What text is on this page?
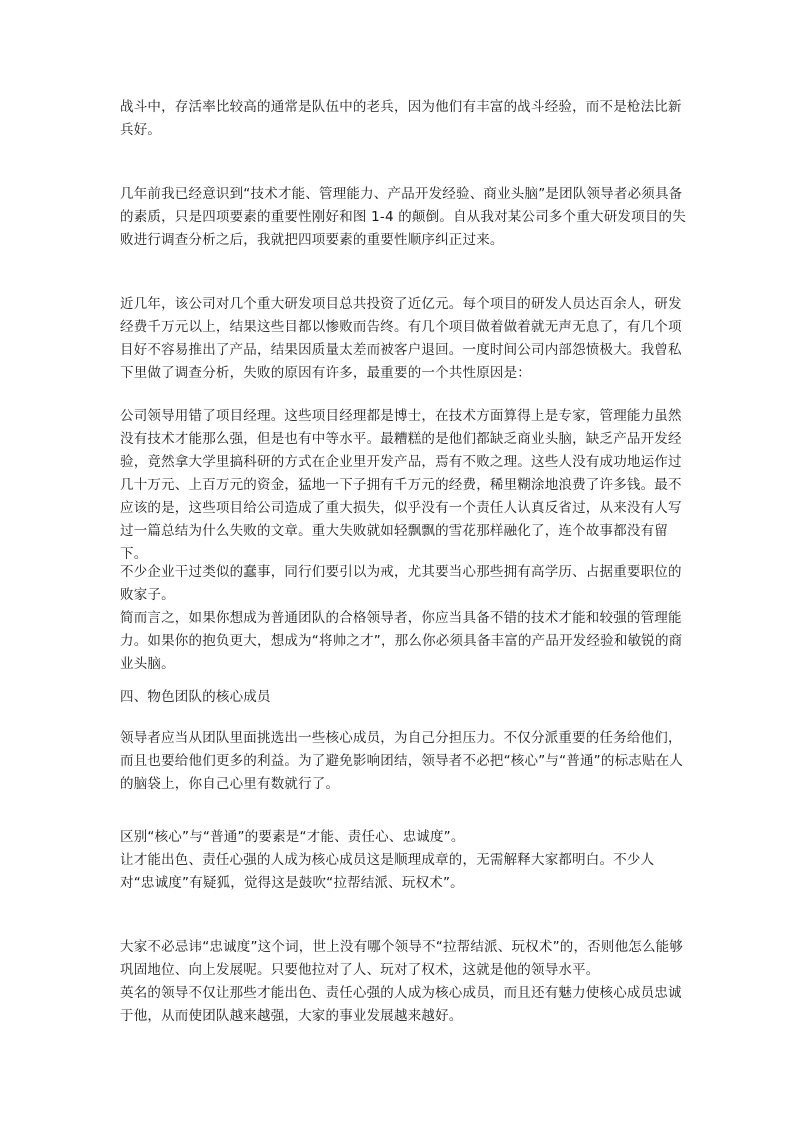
战斗中，存活率比较高的通常是队伍中的老兵，因为他们有丰富的战斗经验，而不是枪法比新兵好。

几年前我已经意识到“技术才能、管理能力、产品开发经验、商业头脑”是团队领导者必须具备的素质，只是四项要素的重要性刚好和图 1-4 的颠倒。自从我对某公司多个重大研发项目的失败进行调查分析之后，我就把四项要素的重要性顺序纠正过来。

近几年，该公司对几个重大研发项目总共投资了近亿元。每个项目的研发人员达百余人，研发经费千万元以上，结果这些目都以惨败而告终。有几个项目做着做着就无声无息了，有几个项目好不容易推出了产品，结果因质量太差而被客户退回。一度时间公司内部怨愤极大。我曾私下里做了调查分析，失败的原因有许多，最重要的一个共性原因是：

公司领导用错了项目经理。这些项目经理都是博士，在技术方面算得上是专家，管理能力虽然没有技术才能那么强，但是也有中等水平。最糟糕的是他们都缺乏商业头脑，缺乏产品开发经验，竟然拿大学里搞科研的方式在企业里开发产品，焉有不败之理。这些人没有成功地运作过几十万元、上百万元的资金，猛地一下子拥有千万元的经费，稀里糊涂地浪费了许多钱。最不应该的是，这些项目给公司造成了重大损失，似乎没有一个责任人认真反省过，从来没有人写过一篇总结为什么失败的文章。重大失败就如轻飘飘的雪花那样融化了，连个故事都没有留下。

不少企业干过类似的蠢事，同行们要引以为戒，尤其要当心那些拥有高学历、占据重要职位的败家子。
简而言之，如果你想成为普通团队的合格领导者，你应当具备不错的技术才能和较强的管理能力。如果你的抱负更大，想成为“将帅之才”，那么你必须具备丰富的产品开发经验和敏锐的商业头脑。

四、物色团队的核心成员

领导者应当从团队里面挑选出一些核心成员，为自己分担压力。不仅分派重要的任务给他们，而且也要给他们更多的利益。为了避免影响团结，领导者不必把“核心”与“普通”的标志贴在人的脑袋上，你自己心里有数就行了。

区别“核心”与“普通”的要素是“才能、责任心、忠诚度”。
让才能出色、责任心强的人成为核心成员这是顺理成章的，无需解释大家都明白。不少人对“忠诚度”有疑狐，觉得这是鼓吹“拉帮结派、玩权术”。

大家不必忌讳“忠诚度”这个词，世上没有哪个领导不“拉帮结派、玩权术”的，否则他怎么能够巩固地位、向上发展呢。只要他拉对了人、玩对了权术，这就是他的领导水平。
英名的领导不仅让那些才能出色、责任心强的人成为核心成员，而且还有魅力使核心成员忠诚于他，从而使团队越来越强，大家的事业发展越来越好。
